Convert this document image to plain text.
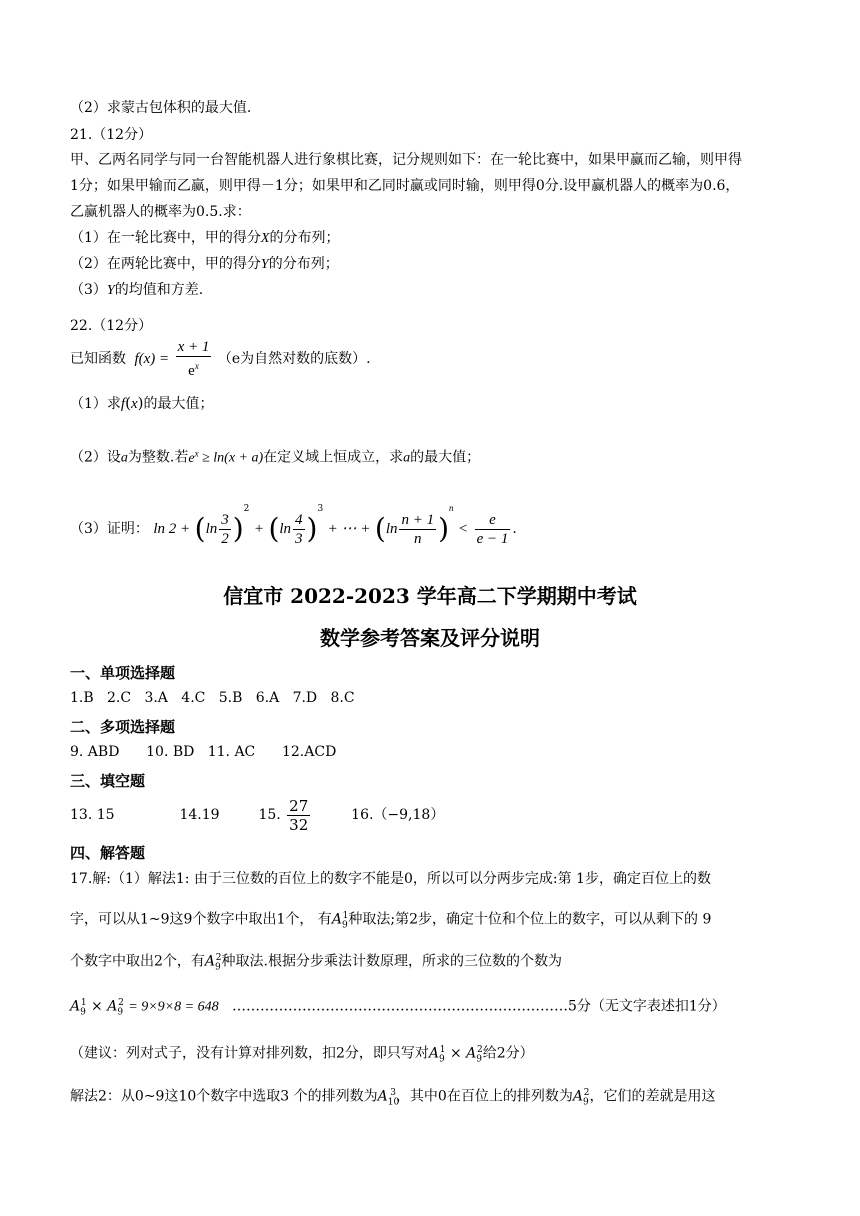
（2）求蒙古包体积的最大值.
21.（12分）
甲、乙两名同学与同一台智能机器人进行象棋比赛，记分规则如下：在一轮比赛中，如果甲赢而乙输，则甲得
1分；如果甲输而乙赢，则甲得－1分；如果甲和乙同时赢或同时输，则甲得0分.设甲赢机器人的概率为0.6，
乙赢机器人的概率为0.5.求：
（1）在一轮比赛中，甲的得分X的分布列；
（2）在两轮比赛中，甲的得分Y的分布列；
（3）Y的均值和方差.
22.（12分）
已知函数 $f(x) = \frac{x + 1}{e^x} (e$为自然对数的底数）.
（1）求f(x)的最大值；
（2）设a为整数.若$e^x \ge \ln(x + a)$在定义域上恒成立，求a的最大值；
（3）证明： $\ln 2 + (\ln \frac{3}{2} )^2 + (\ln \frac{4}{3} )^3$ + ⋯ + $(\ln \frac{n + 1}{n} )^n < \frac{e}{e - 1}$ .
信宜市 2022-2023 学年高二下学期期中考试
数学参考答案及评分说明
一、单项选择题
1.B 2.C 3.A 4.C 5.B 6.A 7.D 8.C
二、多项选择题
9. ABD 10. BD 11. AC 12.ACD
三、填空题
13. 15	14.19	15. $\frac{27}{32}$	16.（−9,18）
四、解答题
17.解:（1）解法1: 由于三位数的百位上的数字不能是0，所以可以分两步完成:第 1步，确定百位上的数
字，可以从1~9这9个数字中取出1个， 有$A_9^1$种取法;第2步，确定十位和个位上的数字，可以从剩下的 9
个数字中取出2个，有$A_9^2$种取法.根据分步乘法计数原理，所求的三位数的个数为
$A_9^1 \times A_9^2 = 9\times 9\times 8 = 648$ ………………………………………………………………5分（无文字表述扣1分）
（建议：列对式子，没有计算对排列数，扣2分，即只写对$A_9^1 \times A_9^2$给2分）
解法2：从0~9这10个数字中选取3 个的排列数为$A_{10}^3$，其中0在百位上的排列数为$A_9^2$，它们的差就是用这
